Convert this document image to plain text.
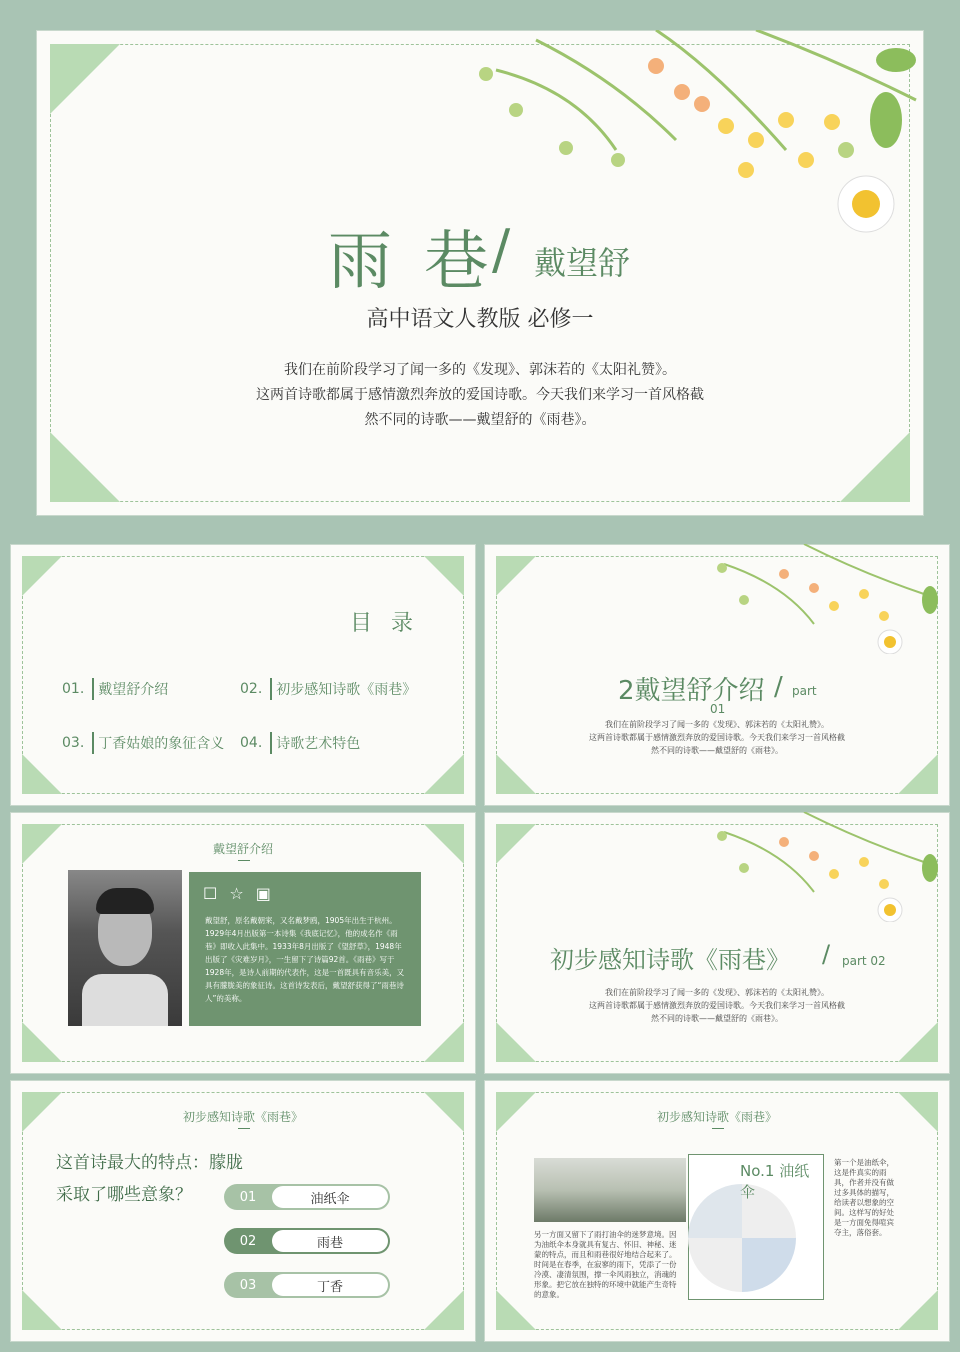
雨 巷
/ 戴望舒
高中语文人教版 必修一
我们在前阶段学习了闻一多的《发现》、郭沫若的《太阳礼赞》。
这两首诗歌都属于感情激烈奔放的爱国诗歌。今天我们来学习一首风格截
然不同的诗歌——戴望舒的《雨巷》。
目 录
01. 戴望舒介绍	02. 初步感知诗歌《雨巷》
03. 丁香姑娘的象征含义 04. 诗歌艺术特色
2戴望舒介绍 / part
01
我们在前阶段学习了闻一多的《发现》、郭沫若的《太阳礼赞》。
这两首诗歌都属于感情激烈奔放的爱国诗歌。今天我们来学习一首风格截
然不同的诗歌——戴望舒的《雨巷》。
戴望舒介绍
☐ ☆ ▣
戴望舒，原名戴朝宷，又名戴梦鸥，1905年出生于杭州。1929年4月出版第一本诗集《我底记忆》，他的成名作《雨巷》即收入此集中。1933年8月出版了《望舒草》，1948年出版了《灾难岁月》，一生留下了诗篇92首。《雨巷》写于1928年，是诗人前期的代表作，这是一首既具有音乐美，又具有朦胧美的象征诗。这首诗发表后，戴望舒获得了“雨巷诗人”的美称。
初步感知诗歌《雨巷》 / part 02
我们在前阶段学习了闻一多的《发现》、郭沫若的《太阳礼赞》。
这两首诗歌都属于感情激烈奔放的爱国诗歌。今天我们来学习一首风格截
然不同的诗歌——戴望舒的《雨巷》。
初步感知诗歌《雨巷》
这首诗最大的特点：朦胧
采取了哪些意象？	01	油纸伞
02	雨巷
03	丁香
初步感知诗歌《雨巷》
另一方面又留下了雨打油伞的迷梦意境。因为油纸伞本身就具有复古、怀旧、神秘、迷蒙的特点，而且和雨巷很好地结合起来了。时间是在春季，在寂寥的雨下，凭添了一份冷漠、凄清氛围，撑一伞风雨独立，消魂的形象。把它放在独特的环境中就能产生奇特的意象。
No.1 油纸伞
第一个是油纸伞，这是件真实的雨具，作者并没有做过多具体的描写，给读者以想象的空间。这样写的好处是一方面免得喧宾夺主，落俗套。
